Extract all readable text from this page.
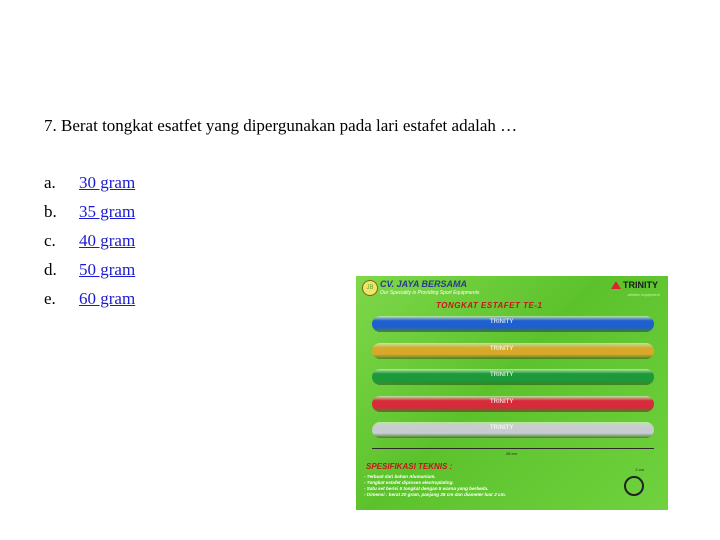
7. Berat tongkat esatfet yang dipergunakan pada lari estafet adalah …
a.	30 gram
b.	35 gram
c.	40 gram
d.	50 gram
e.	60 gram
JB CV. JAYA BERSAMA
Our Speciality is Providing Sport Equipments
TRINITY
athletic equipment
TONGKAT ESTAFET TE-1
TRINITY
TRINITY
TRINITY
TRINITY
TRINITY
28 cm
2 cm
SPESIFIKASI TEKNIS :
- Terbuat dari bahan Alumunium.
- Tongkat estafet diproses electroplating.
- Satu set berisi 5 tongkat dengan 5 warna yang berbeda.
- Dimensi : berat 20 gram, panjang 28 cm dan diameter luar 2 cm.
